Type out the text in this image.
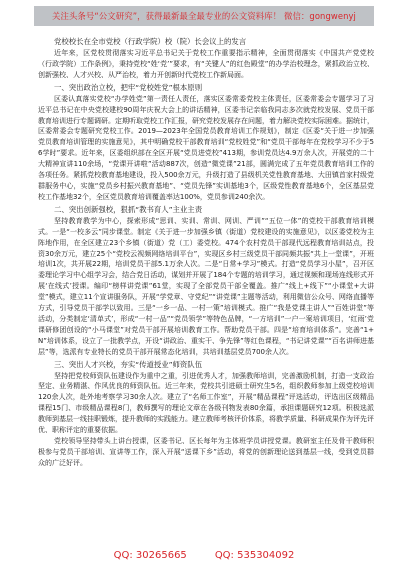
关注头条号“公文研究”，获得最新最全最专业的公文资料库！ 微信：gongwenyj
党校校长在全市党校（行政学院）校（院）长会议上的发言
近年来，区党校贯彻落实习近平总书记关于党校工作重要指示精神，全面贯彻落实《中国共产党党校（行政学院）工作条例》，秉持党校“姓‘党’”要求，有“关键人”的红色殿堂”的办学治校理念，紧抓政治立校、创新强校、人才兴校、从严治校，着力开创新时代党校工作新局面。
一、突出政治立校，把牢“党校姓党”根本原则
区委认真落实党校“办学姓党”第一责任人责任，落实区委常委党校主体责任，区委常委会专题学习了习近平总书记在中央党校建校90周年庆祝大会上的讲话精神，区委书记亲临我同志多次就党校发展、党员干部教育培训进行专题调研。定期听取党校工作汇报，研究党校发展存在问题，着力解决党校实际困难。据统计，区委常委会专题研究党校工作。2019—2023年全国党员教育培训工作规划》，制定《区委“关于进一步加强党员教育培训管理的实施意见》，其中明确党校干部教育培训“党校姓党”和“党员干部每年在党校学习不少于56学时”要求。近年来，区委组织部在全区开展“党员进党校”413期，参训党员达4.9万余人次，开展党的二十大精神宣讲110余场，“党课开讲啦”活动887次，创造“微党课”21部，圆满完成了五年党员教育培训工作的各项任务。紧抓党校教育基地建设，投入500余万元，升级打造了县级机关党性教育基地、大田镇首家村级党群服务中心，实施“党员乡村振兴教育基地”、“党员先锋”实训基地3个，区级党性教育基地6个，全区基层党校工作基地32个，全区党员教育培训覆盖率达100%，党员参训240余次。
二、突出创新强校，狠抓“教书育人”主业主责
坚持教育教学为中心，探索形成“思训、实训、常训、网训、严训”“五位一体”的党校干部教育培训模式。一是“一校多云”同步课堂。制定《关于进一步加强乡镇（街道）党校建设的实施意见》，以区委党校为主阵地作用，在全区建立23个乡镇（街道）党（工）委党校。474个农村党员干部现代远程教育培训站点，投资30余万元，建立25个“党校云视频网络培训平台”，实现区乡村三级党员干部同频共振“共上一堂课”，开班培训1次，共开展22期，培训党员干部5.1万余人次。二是“日常+学习”模式。打造“党员学习小屋”，召开区委理论学习中心组学习会，结合党日活动，谋划并开展了184个专题的培训学习，通过视频和现场连线形式开展‘在线式’授课。编印“榜样讲党课”61堂，实现了全部党员干部全覆盖。推广“线上+线下”“小课堂+大讲堂”模式，建立11个宣讲服务队，开展“学党章、守党纪”“讲党课”主题等活动，利用微信公众号、网络直播等方式，引导党员干部学以致用。三是“一乡一品、一村一策”培训模式。推广“我是党课主讲人”“百姓讲堂”等活动，分类制定‘清单式’，形成“一村一品”“党员领学”等特色品牌，“一方培训”一户一案培训项目，‘红雨’党课研修团创设的“小马课堂”对党员干部开展培训教育工作。帮助党员干部。四是“培育培训体系”。完善“1+N”培训体系，设立了一批教学点，开设“讲政治、重实干、争先锋”等红色课程，“书记讲党课”“百名讲师进基层”等，选派有专业特长的党员干部开展常态化培训，共培训基层党员700余人次。
三、突出人才兴校，夯实“传道授业”师资队伍
坚持把党校师资队伍建设作为重中之重，引进优秀人才，加强教师培训，完善激励机制，打造一支政治坚定、业务精湛、作风优良的师资队伍。近三年来，党校共引进硕士研究生5名，组织教师参加上级党校培训120余人次，赴外地考察学习30余人次。建立了“名师工作室”，开展“精品课程”评选活动，评选出区级精品课程15门、市级精品课程8门，教师撰写的理论文章在各级刊物发表80余篇，承担课题研究12项。积极选派教师到基层一线挂职锻炼，提升教师的实践能力。建立教师考核评价体系，将教学质量、科研成果作为评先评优、职称评定的重要依据。
党校领导坚持带头上讲台授课，区委书记、区长每年为主体班学员讲授党课。教研室主任及骨干教师积极参与党员干部培训、宣讲等工作，深入开展“送课下乡”活动，将党的创新理论送到基层一线，受到党员群众的广泛好评。
QQ: 30265665	QQ: 535304092
